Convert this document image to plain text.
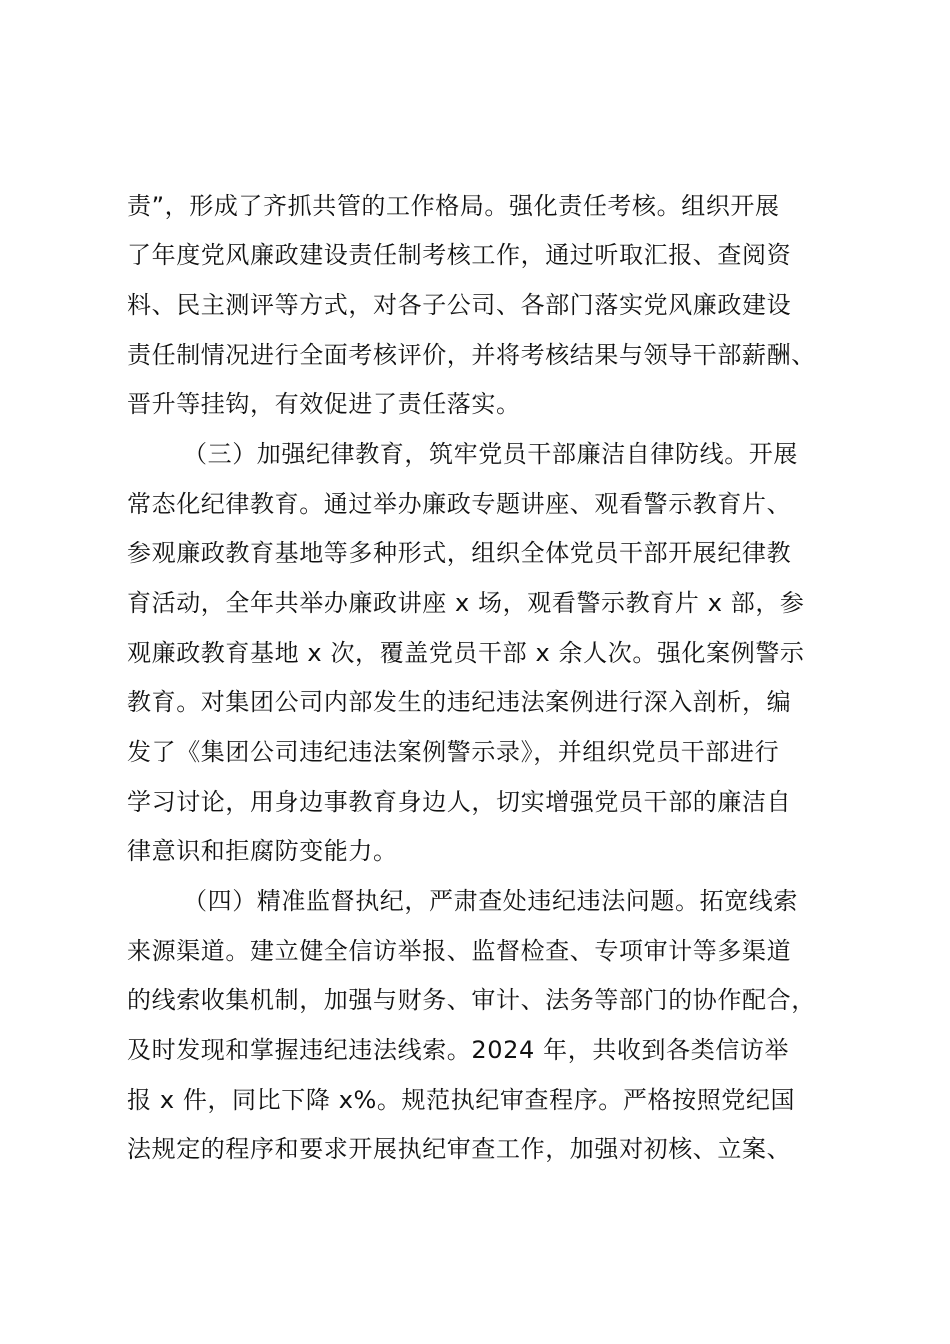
责”，形成了齐抓共管的工作格局。强化责任考核。组织开展
了年度党风廉政建设责任制考核工作，通过听取汇报、查阅资
料、民主测评等方式，对各子公司、各部门落实党风廉政建设
责任制情况进行全面考核评价，并将考核结果与领导干部薪酬、
晋升等挂钩，有效促进了责任落实。
（三）加强纪律教育，筑牢党员干部廉洁自律防线。开展
常态化纪律教育。通过举办廉政专题讲座、观看警示教育片、
参观廉政教育基地等多种形式，组织全体党员干部开展纪律教
育活动，全年共举办廉政讲座 x 场，观看警示教育片 x 部，参
观廉政教育基地 x 次，覆盖党员干部 x 余人次。强化案例警示
教育。对集团公司内部发生的违纪违法案例进行深入剖析，编
发了《集团公司违纪违法案例警示录》，并组织党员干部进行
学习讨论，用身边事教育身边人，切实增强党员干部的廉洁自
律意识和拒腐防变能力。
（四）精准监督执纪，严肃查处违纪违法问题。拓宽线索
来源渠道。建立健全信访举报、监督检查、专项审计等多渠道
的线索收集机制，加强与财务、审计、法务等部门的协作配合，
及时发现和掌握违纪违法线索。2024 年，共收到各类信访举
报 x 件，同比下降 x%。规范执纪审查程序。严格按照党纪国
法规定的程序和要求开展执纪审查工作，加强对初核、立案、
